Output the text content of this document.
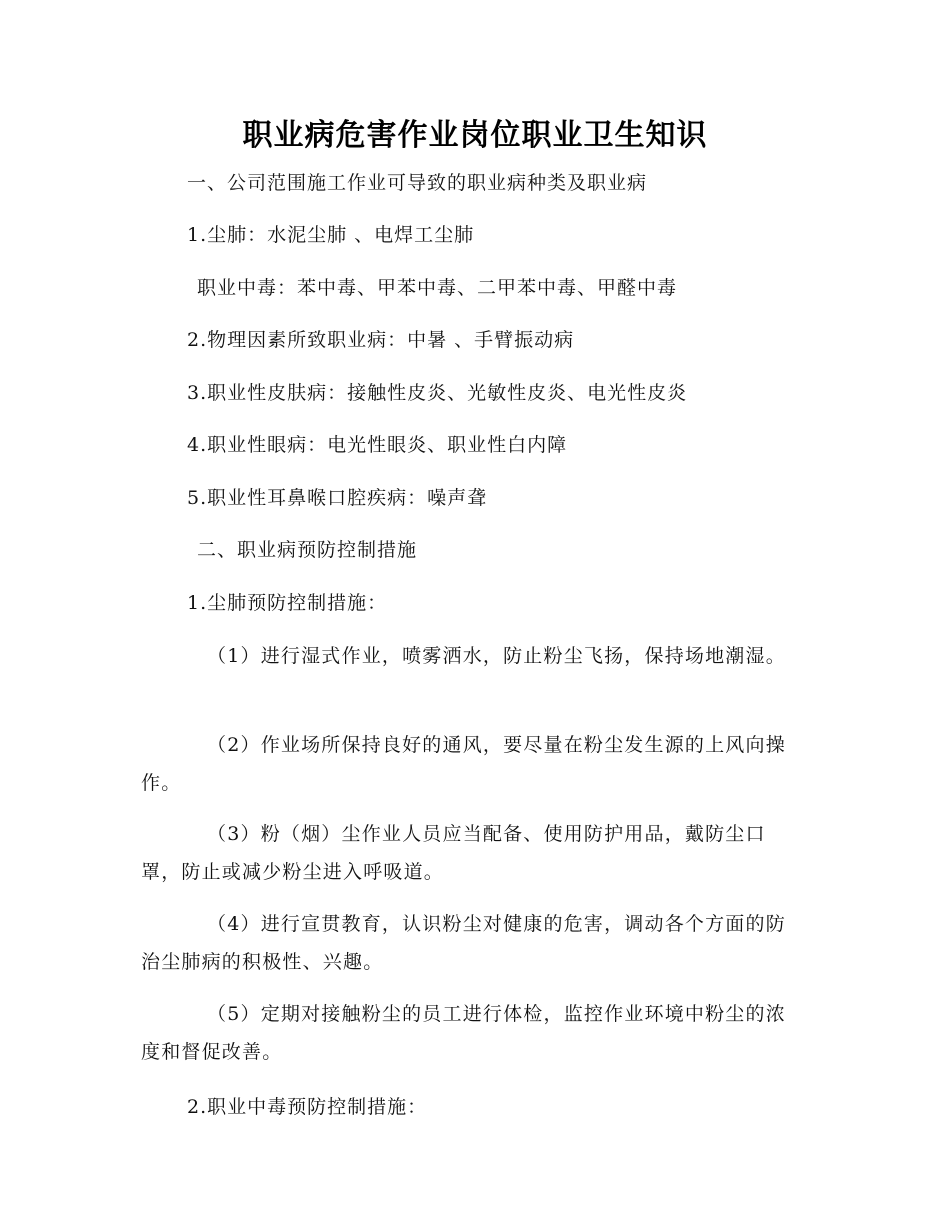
职业病危害作业岗位职业卫生知识
一、公司范围施工作业可导致的职业病种类及职业病
1.尘肺：水泥尘肺 、电焊工尘肺
职业中毒：苯中毒、甲苯中毒、二甲苯中毒、甲醛中毒
2.物理因素所致职业病：中暑 、手臂振动病
3.职业性皮肤病：接触性皮炎、光敏性皮炎、电光性皮炎
4.职业性眼病：电光性眼炎、职业性白内障
5.职业性耳鼻喉口腔疾病：噪声聋
二、职业病预防控制措施
1.尘肺预防控制措施：
（1）进行湿式作业，喷雾洒水，防止粉尘飞扬，保持场地潮湿。
（2）作业场所保持良好的通风，要尽量在粉尘发生源的上风向操作。
（3）粉（烟）尘作业人员应当配备、使用防护用品，戴防尘口罩，防止或减少粉尘进入呼吸道。
（4）进行宣贯教育，认识粉尘对健康的危害，调动各个方面的防治尘肺病的积极性、兴趣。
（5）定期对接触粉尘的员工进行体检，监控作业环境中粉尘的浓度和督促改善。
2.职业中毒预防控制措施：
